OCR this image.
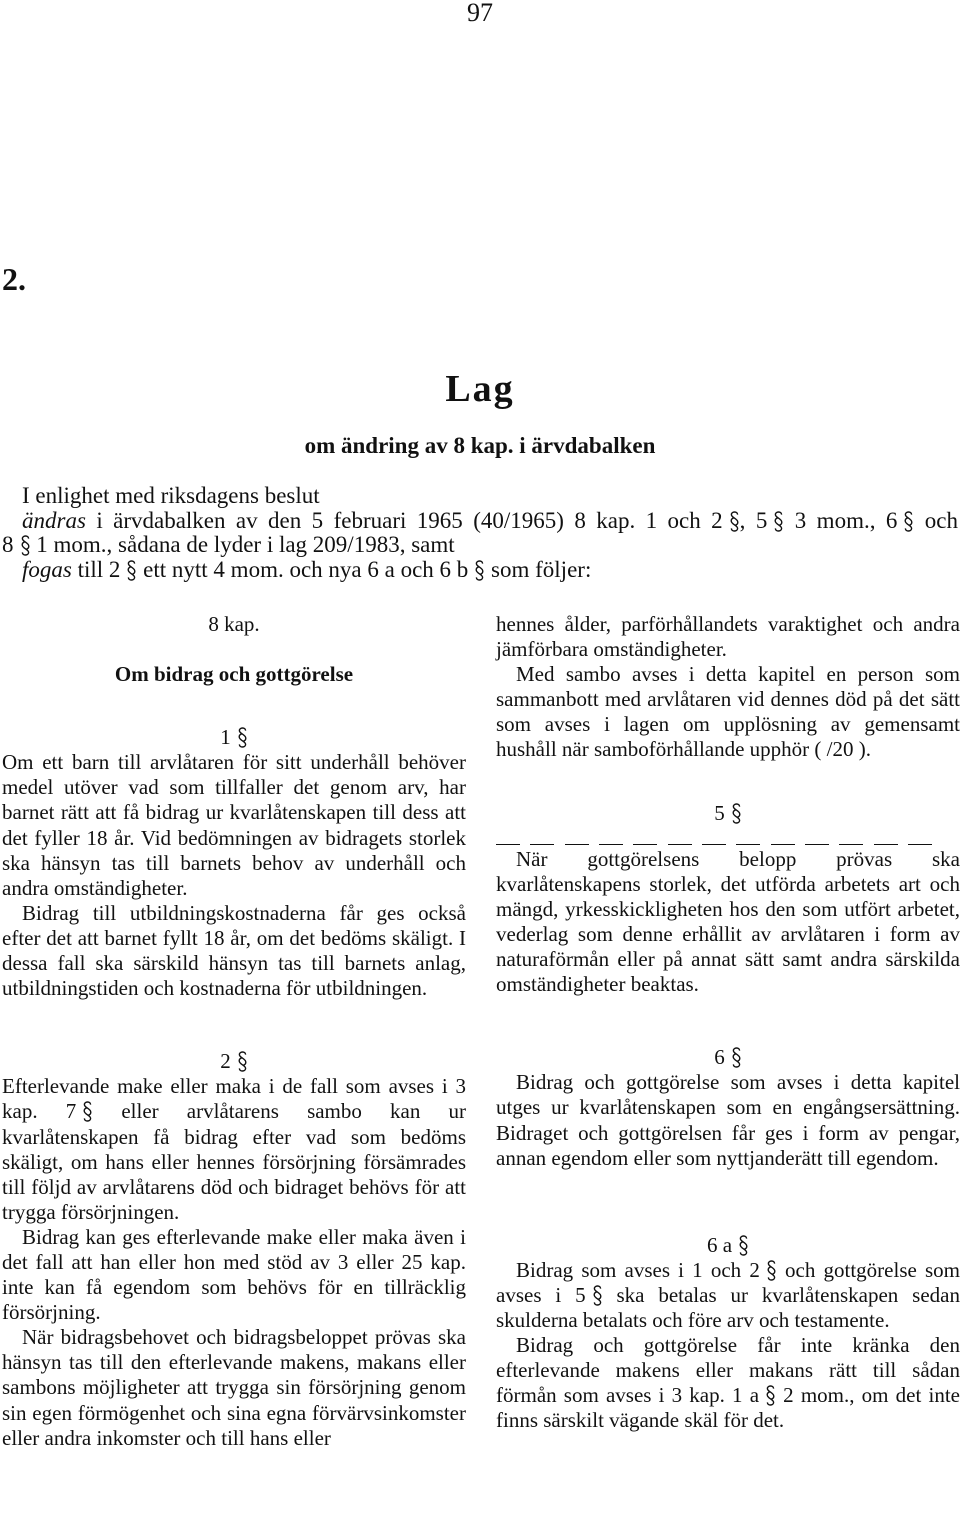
97
2.
Lag
om ändring av 8 kap. i ärvdabalken
I enlighet med riksdagens beslut
ändras i ärvdabalken av den 5 februari 1965 (40/1965) 8 kap. 1 och 2 , 5
3 mom., 6
och
8
1 mom., sådana de lyder i lag 209/1983, samt
fogas till 2
ett nytt 4 mom. och nya 6 a och 6 b
som följer:

8 kap.

Om bidrag och gottgörelse

1

Om ett barn till arvlåtaren för sitt underhåll behöver medel utöver vad som tillfaller det genom arv, har barnet rätt att få bidrag ur kvarlåtenskapen till dess att det fyller 18 år. Vid bedömningen av bidragets storlek ska hänsyn tas till barnets behov av underhåll och andra omständigheter.

Bidrag till utbildningskostnaderna får ges också efter det att barnet fyllt 18 år, om det bedöms skäligt. I dessa fall ska särskild hänsyn tas till barnets anlag, utbildningstiden och kostnaderna för utbildningen.

2

Efterlevande make eller maka i de fall som avses i 3 kap. 7
eller arvlåtarens sambo kan ur kvarlåtenskapen få bidrag efter vad som bedöms skäligt, om hans eller hennes försörjning försämrades till följd av arvlåtarens död och bidraget behövs för att trygga försörjningen.

Bidrag kan ges efterlevande make eller maka även i det fall att han eller hon med stöd av 3 eller 25 kap. inte kan få egendom som behövs för en tillräcklig försörjning.

När bidragsbehovet och bidragsbeloppet prövas ska hänsyn tas till den efterlevande makens, makans eller sambons möjligheter att trygga sin försörjning genom sin egen förmögenhet och sina egna förvärvsinkomster eller andra inkomster och till hans eller

hennes ålder, parförhållandets varaktighet och andra jämförbara omständigheter.

Med sambo avses i detta kapitel en person som sammanbott med arvlåtaren vid dennes död på det sätt som avses i lagen om upplösning av gemensamt hushåll när samboförhållande upphör ( /20 ).

5

När gottgörelsens belopp prövas ska kvarlåtenskapens storlek, det utförda arbetets art och mängd, yrkesskickligheten hos den som utfört arbetet, vederlag som denne erhållit av arvlåtaren i form av naturaförmån eller på annat sätt samt andra särskilda omständigheter beaktas.

6

Bidrag och gottgörelse som avses i detta kapitel utges ur kvarlåtenskapen som en engångsersättning. Bidraget och gottgörelsen får ges i form av pengar, annan egendom eller som nyttjanderätt till egendom.

6 a

Bidrag som avses i 1 och 2
och gottgörelse som avses i 5
ska betalas ur kvarlåtenskapen sedan skulderna betalats och före arv och testamente.

Bidrag och gottgörelse får inte kränka den efterlevande makens eller makans rätt till sådan förmån som avses i 3 kap. 1 a
2 mom., om det inte finns särskilt vägande skäl för det.
